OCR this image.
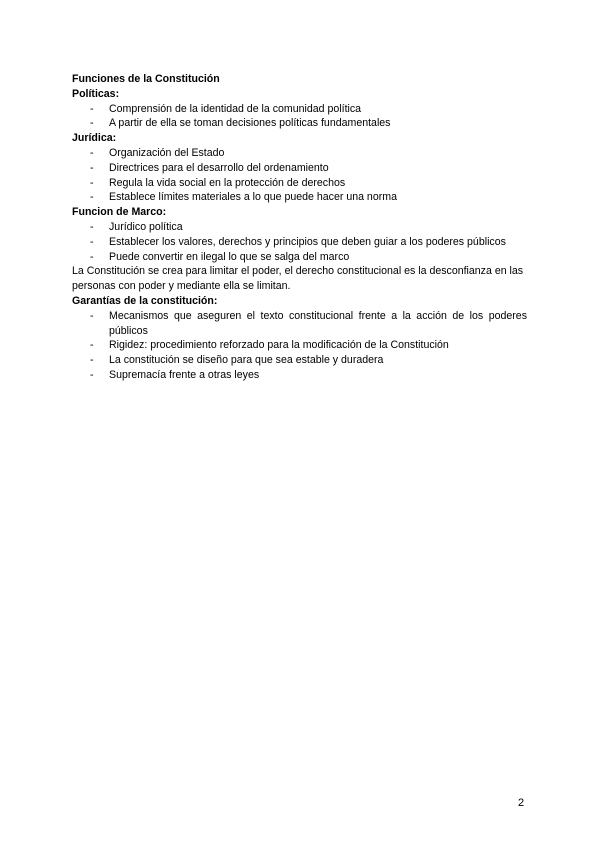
Funciones de la Constitución
Políticas:
- Comprensión de la identidad de la comunidad política
- A partir de ella se toman decisiones políticas fundamentales
Jurídica:
- Organización del Estado
- Directrices para el desarrollo del ordenamiento
- Regula la vida social en la protección de derechos
- Establece límites materiales a lo que puede hacer una norma
Funcion de Marco:
- Jurídico política
- Establecer los valores, derechos y principios que deben guiar a los poderes públicos
- Puede convertir en ilegal lo que se salga del marco

La Constitución se crea para limitar el poder, el derecho constitucional es la desconfianza en las personas con poder y mediante ella se limitan.

Garantías de la constitución:
- Mecanismos que aseguren el texto constitucional frente a la acción de los poderes públicos
- Rigidez: procedimiento reforzado para la modificación de la Constitución
- La constitución se diseño para que sea estable y duradera
- Supremacía frente a otras leyes
2
